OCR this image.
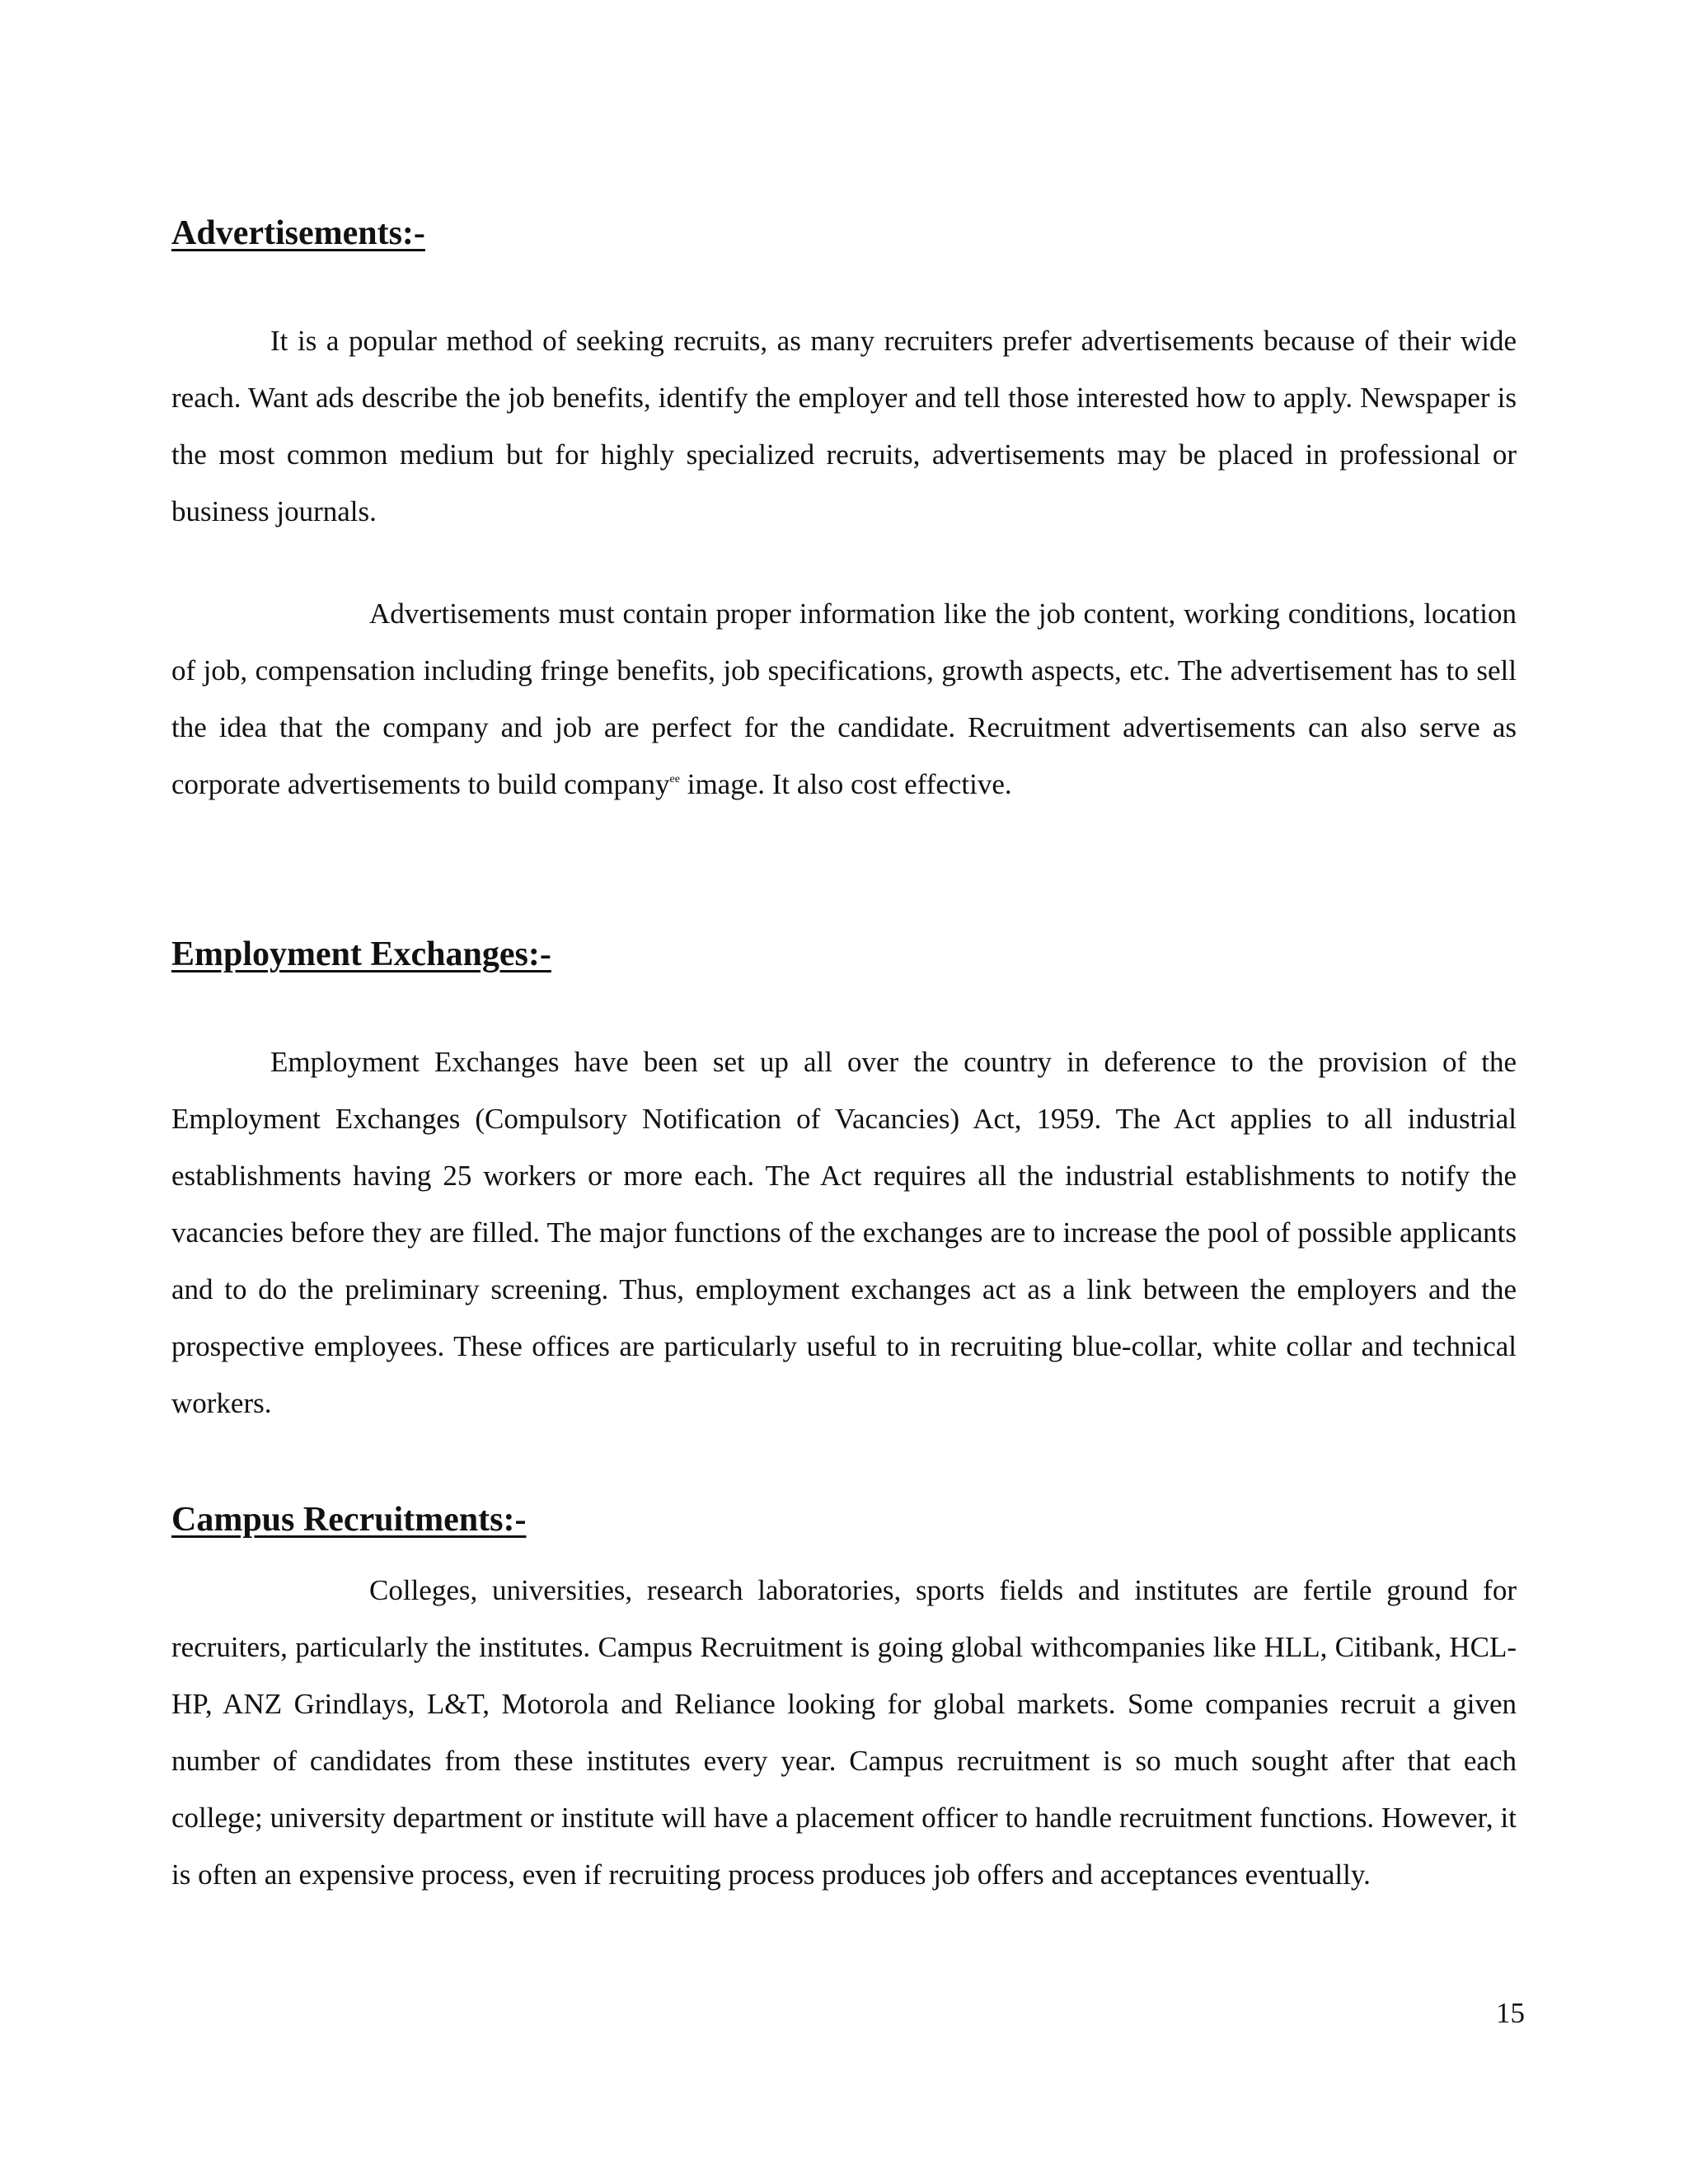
Advertisements:-

It is a popular method of seeking recruits, as many recruiters prefer advertisements because of their wide reach. Want ads describe the job benefits, identify the employer and tell those interested how to apply. Newspaper is the most common medium but for highly specialized recruits, advertisements may be placed in professional or business journals.

Advertisements must contain proper information like the job content, working conditions, location of job, compensation including fringe benefits, job specifications, growth aspects, etc. The advertisement has to sell the idea that the company and job are perfect for the candidate. Recruitment advertisements can also serve as corporate advertisements to build company$^{ee}$ image. It also cost effective.

Employment Exchanges:-

Employment Exchanges have been set up all over the country in deference to the provision of the Employment Exchanges (Compulsory Notification of Vacancies) Act, 1959. The Act applies to all industrial establishments having 25 workers or more each. The Act requires all the industrial establishments to notify the vacancies before they are filled. The major functions of the exchanges are to increase the pool of possible applicants and to do the preliminary screening. Thus, employment exchanges act as a link between the employers and the prospective employees. These offices are particularly useful to in recruiting blue-collar, white collar and technical workers.

Campus Recruitments:-

Colleges, universities, research laboratories, sports fields and institutes are fertile ground for recruiters, particularly the institutes. Campus Recruitment is going global withcompanies like HLL, Citibank, HCL-HP, ANZ Grindlays, L&T, Motorola and Reliance looking for global markets. Some companies recruit a given number of candidates from these institutes every year. Campus recruitment is so much sought after that each college; university department or institute will have a placement officer to handle recruitment functions. However, it is often an expensive process, even if recruiting process produces job offers and acceptances eventually.

15
